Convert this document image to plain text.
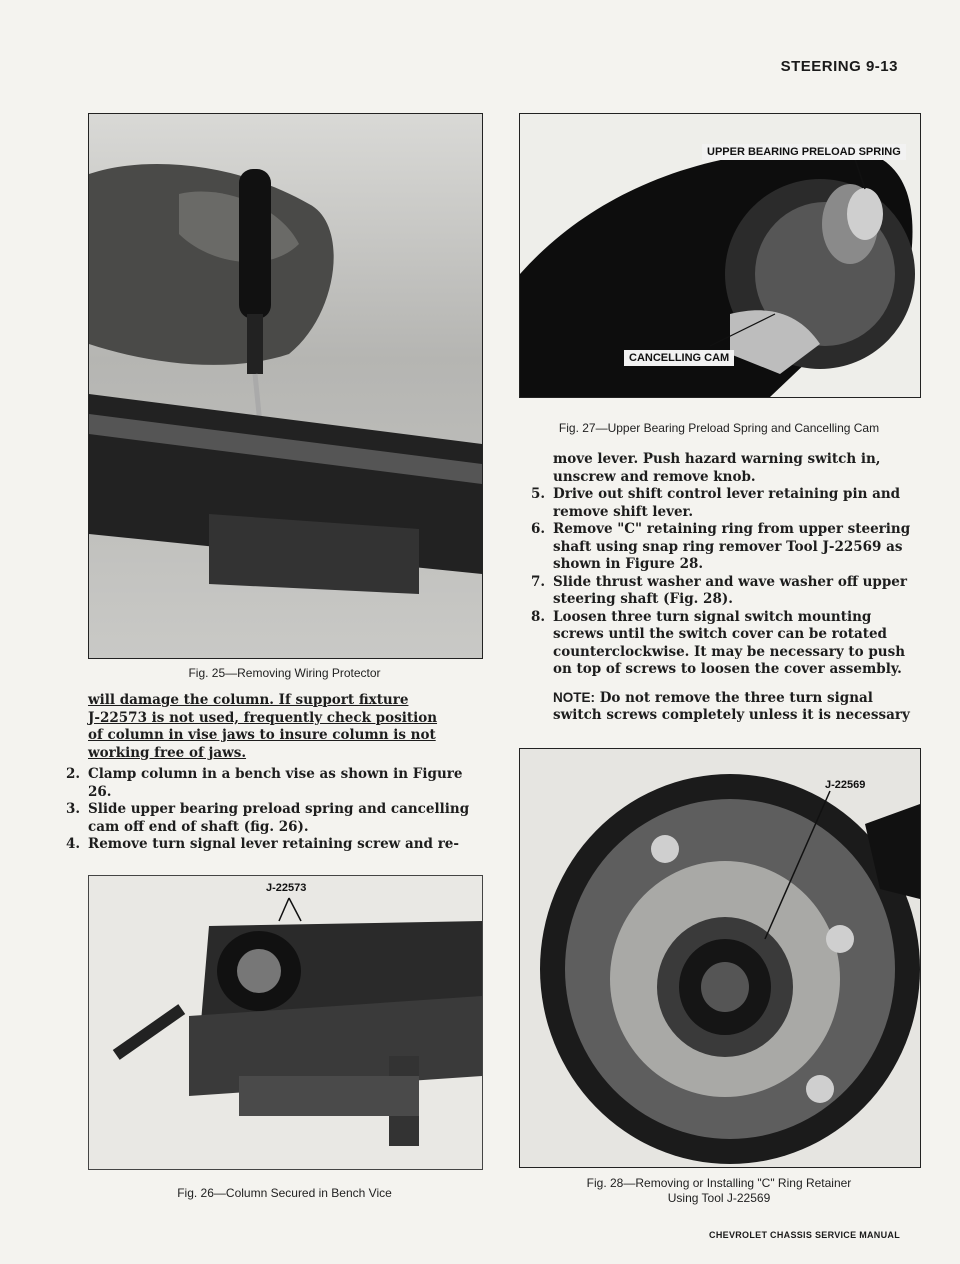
STEERING 9-13
Fig. 25—Removing Wiring Protector

will damage the column. If support fixture

J-22573 is not used, frequently check position

of column in vise jaws to insure column is not

working free of jaws.

2. Clamp column in a bench vise as shown in Figure 26.
3. Slide upper bearing preload spring and cancelling cam off end of shaft (fig. 26).
4. Remove turn signal lever retaining screw and re-
J-22573
Fig. 26—Column Secured in Bench Vice
UPPER BEARING PRELOAD SPRING
CANCELLING CAM
Fig. 27—Upper Bearing Preload Spring and Cancelling Cam

move lever. Push hazard warning switch in, unscrew and remove knob.

5. Drive out shift control lever retaining pin and remove shift lever.
6. Remove "C" retaining ring from upper steering shaft using snap ring remover Tool J-22569 as shown in Figure 28.
7. Slide thrust washer and wave washer off upper steering shaft (Fig. 28).
8. Loosen three turn signal switch mounting screws until the switch cover can be rotated counterclockwise. It may be necessary to push on top of screws to loosen the cover assembly.

NOTE: Do not remove the three turn signal switch screws completely unless it is necessary

J-22569
Fig. 28—Removing or Installing "C" Ring Retainer
Using Tool J-22569
CHEVROLET CHASSIS SERVICE MANUAL
